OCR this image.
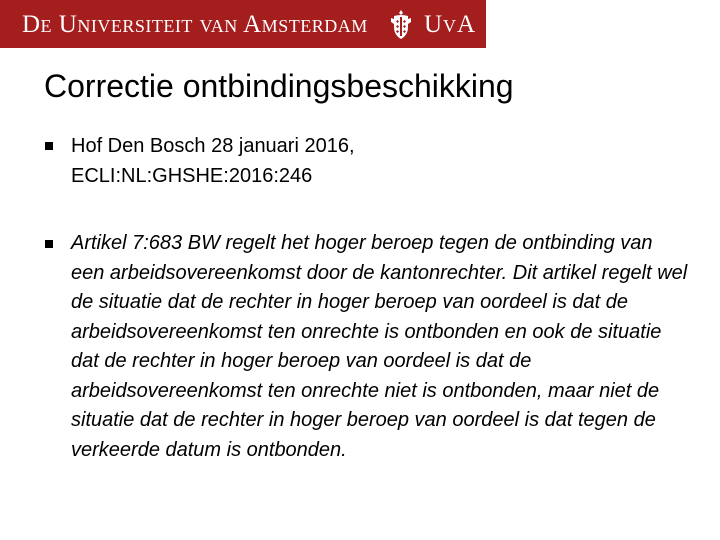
De Universiteit van Amsterdam UvA
Correctie ontbindingsbeschikking
Hof Den Bosch 28 januari 2016,
ECLI:NL:GHSHE:2016:246
Artikel 7:683 BW regelt het hoger beroep tegen de ontbinding van een arbeidsovereenkomst door de kantonrechter. Dit artikel regelt wel de situatie dat de rechter in hoger beroep van oordeel is dat de arbeidsovereenkomst ten onrechte is ontbonden en ook de situatie dat de rechter in hoger beroep van oordeel is dat de arbeidsovereenkomst ten onrechte niet is ontbonden, maar niet de situatie dat de rechter in hoger beroep van oordeel is dat tegen de verkeerde datum is ontbonden.
